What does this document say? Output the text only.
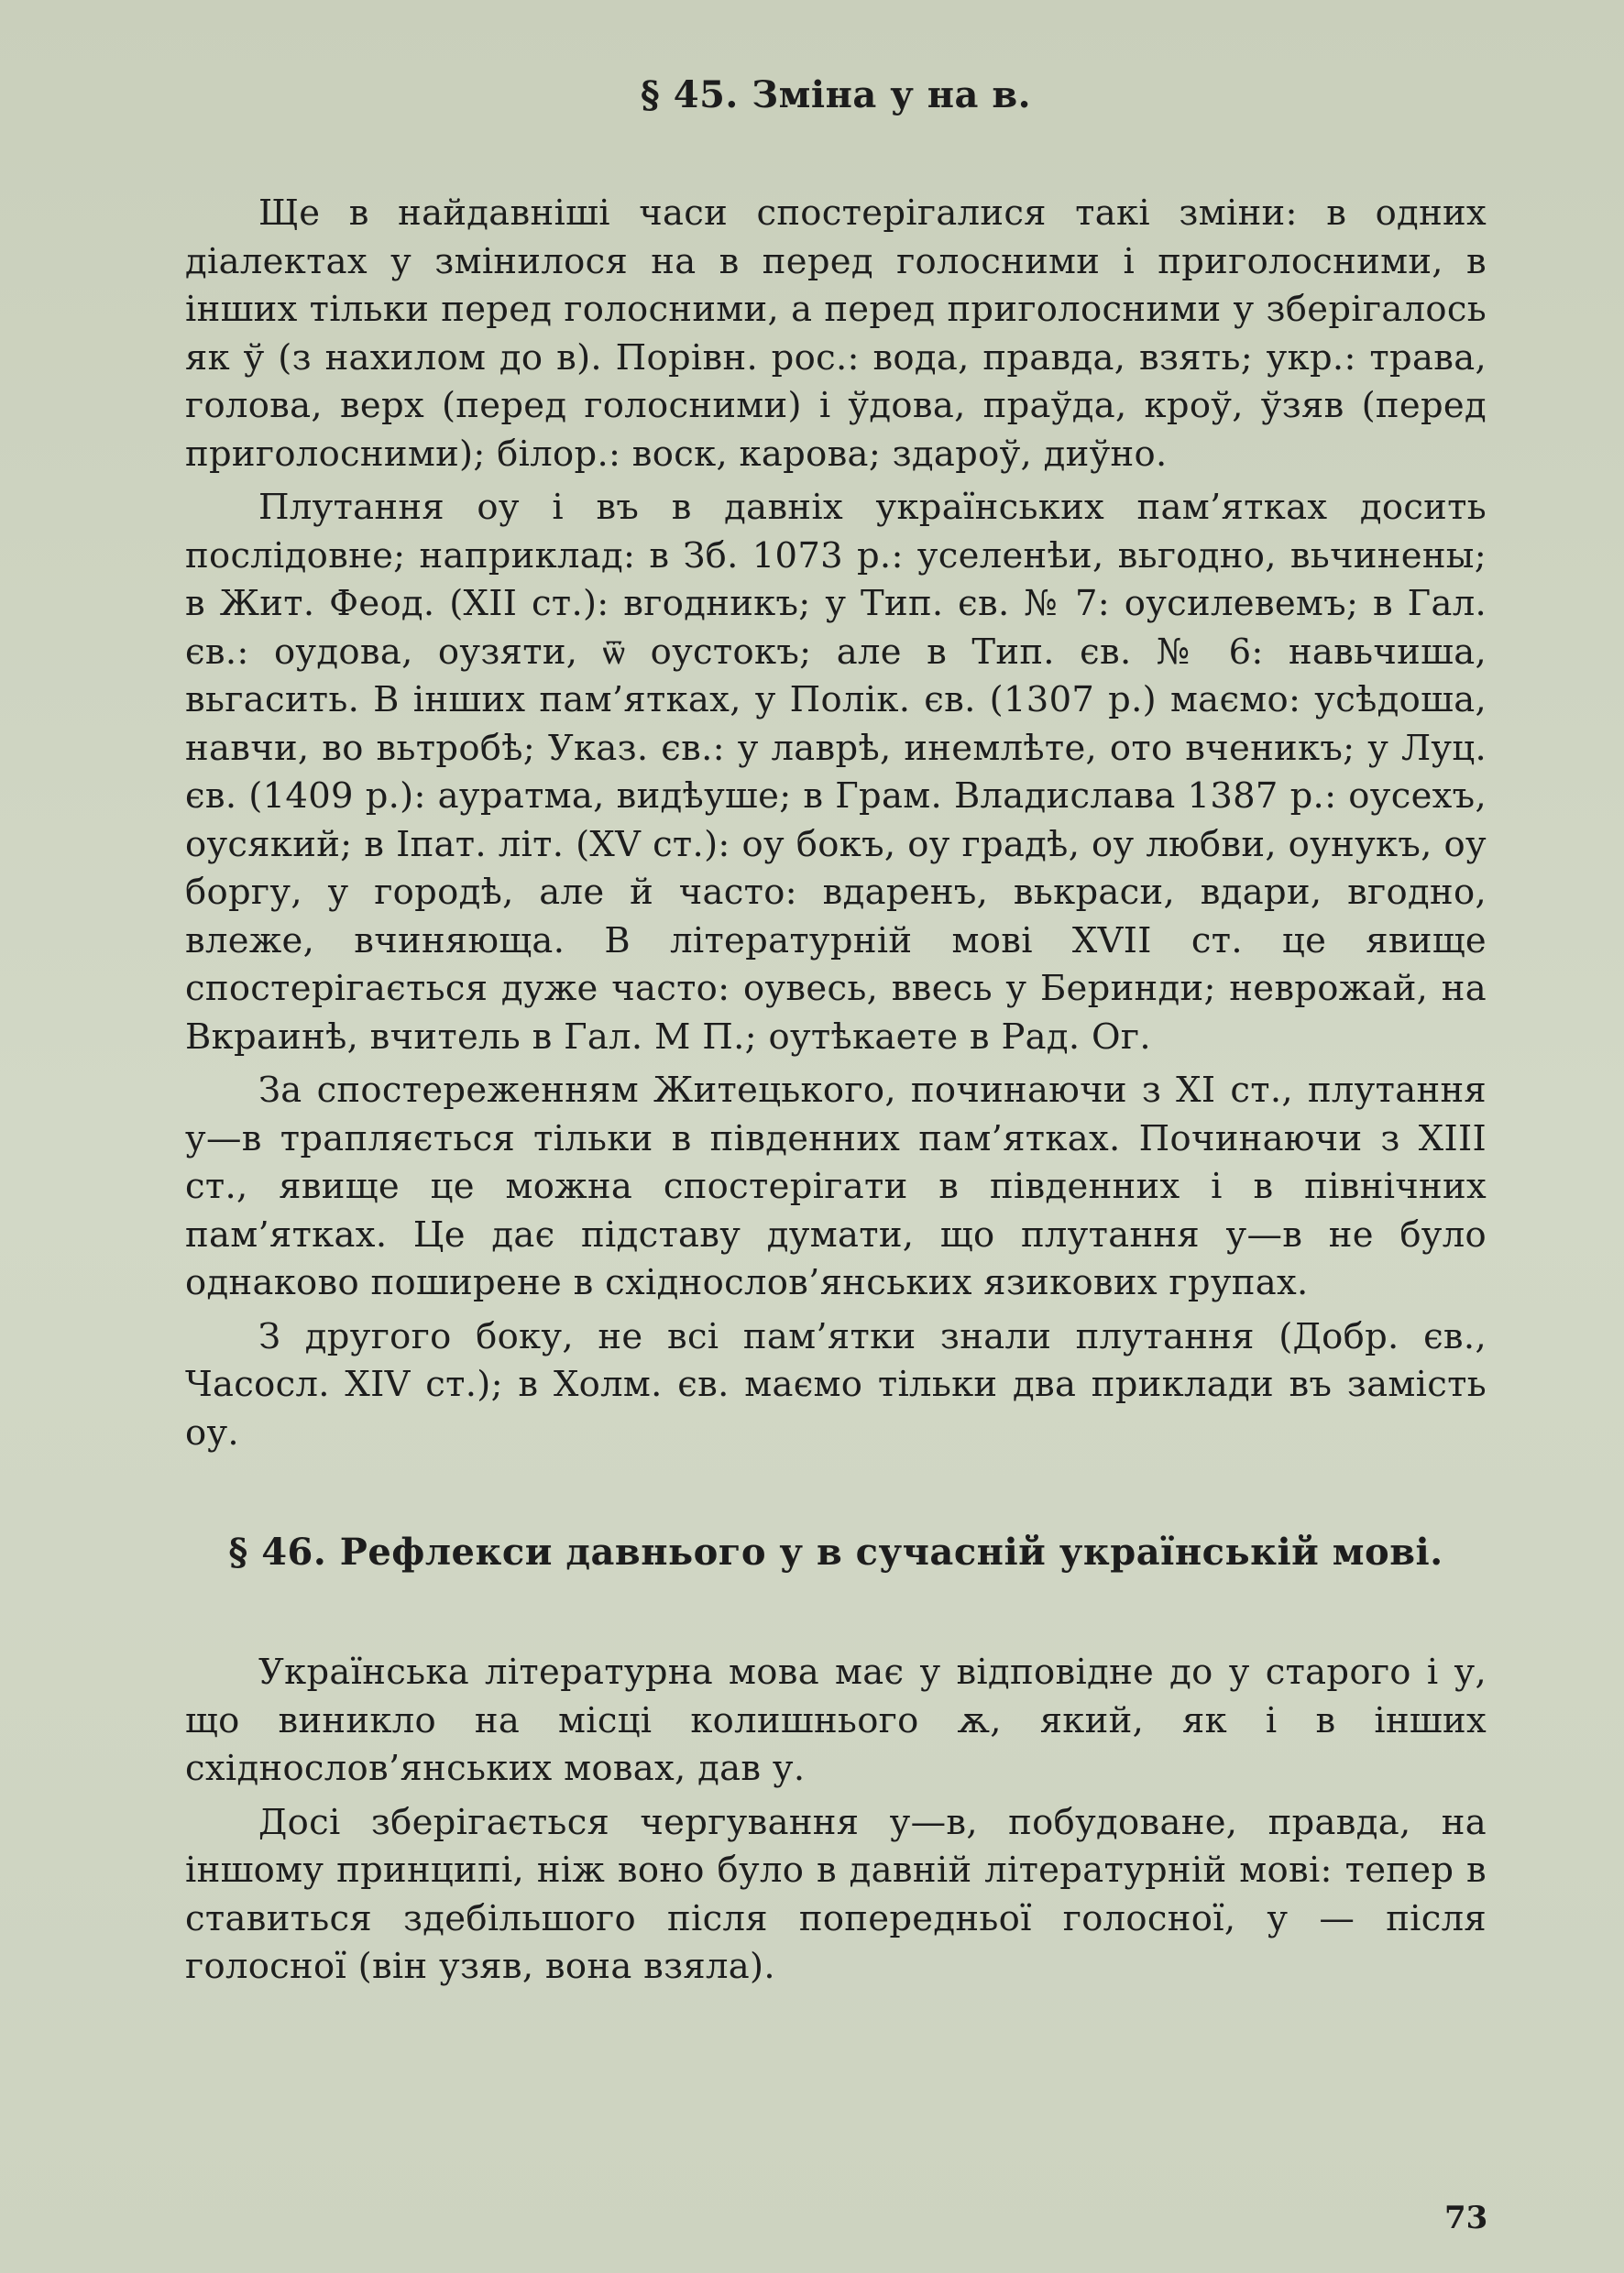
§ 45. Зміна у на в.

Ще в найдавніші часи спостерігалися такі зміни: в одних діалектах у змінилося на в перед голосними і приголосними, в інших тільки перед голосними, а перед приголосними у зберігалось як ў (з нахилом до в). Порівн. рос.: вода, правда, взять; укр.: трава, голова, верх (перед голосними) і ўдова, праўда, кроў, ўзяв (перед приголосними); білор.: воск, карова; здароў, диўно.

Плутання оу і въ в давніх українських пам’ятках досить послідовне; наприклад: в Зб. 1073 р.: уселенѣи, вьгодно, вьчинены; в Жит. Феод. (XII ст.): вгодникъ; у Тип. єв. № 7: оусилевемъ; в Гал. єв.: оудова, оузяти, ѿ оустокъ; але в Тип. єв. № 6: навьчиша, вьгасить. В інших пам’ятках, у Полік. єв. (1307 р.) маємо: усѣдоша, навчи, во вьтробѣ; Указ. єв.: у лаврѣ, инемлѣте, ото вченикъ; у Луц. єв. (1409 р.): ауратма, видѣуше; в Грам. Владислава 1387 р.: оусехъ, оусякий; в Іпат. літ. (XV ст.): оу бокъ, оу градѣ, оу любви, оунукъ, оу боргу, у городѣ, але й часто: вдаренъ, вькраси, вдари, вгодно, влеже, вчиняюща. В літературній мові XVII ст. це явище спостерігається дуже часто: оувесь, ввесь у Беринди; неврожай, на Вкраинѣ, вчитель в Гал. М П.; оутѣкаете в Рад. Ог.

За спостереженням Житецького, починаючи з XI ст., плутання у—в трапляється тільки в південних пам’ятках. Починаючи з XIII ст., явище це можна спостерігати в південних і в північних пам’ятках. Це дає підставу думати, що плутання у—в не було однаково поширене в східнослов’янських язикових групах.

З другого боку, не всі пам’ятки знали плутання (Добр. єв., Часосл. XIV ст.); в Холм. єв. маємо тільки два приклади въ замість оу.

§ 46. Рефлекси давнього у в сучасній українській мові.

Українська літературна мова має у відповідне до у старого і у, що виникло на місці колишнього ѫ, який, як і в інших східнослов’янських мовах, дав у.

Досі зберігається чергування у—в, побудоване, правда, на іншому принципі, ніж воно було в давній літературній мові: тепер в ставиться здебільшого після попередньої голосної, у — після голосної (він узяв, вона взяла).

73
